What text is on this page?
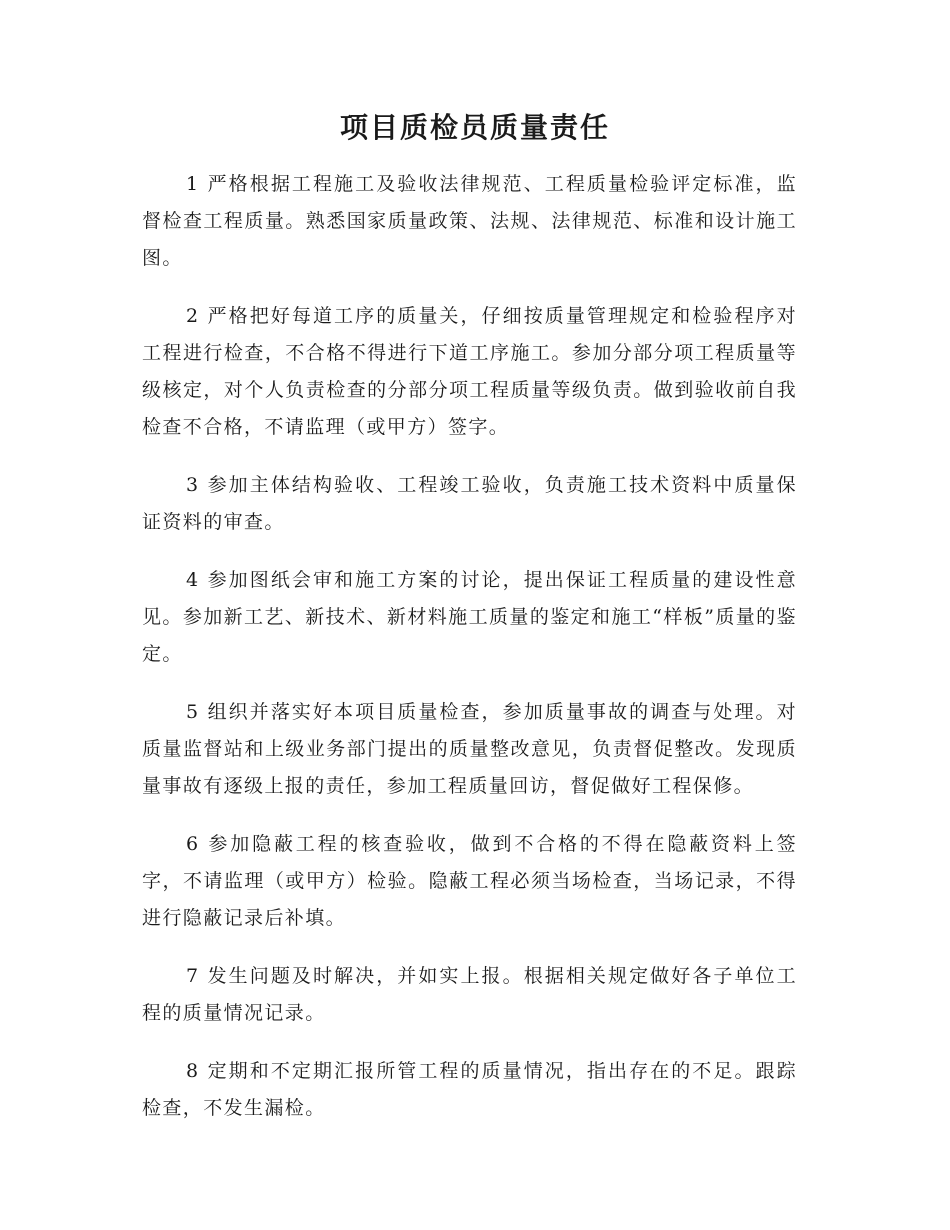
项目质检员质量责任

1 严格根据工程施工及验收法律规范、工程质量检验评定标准，监督检查工程质量。熟悉国家质量政策、法规、法律规范、标准和设计施工图。

2 严格把好每道工序的质量关，仔细按质量管理规定和检验程序对工程进行检查，不合格不得进行下道工序施工。参加分部分项工程质量等级核定，对个人负责检查的分部分项工程质量等级负责。做到验收前自我检查不合格，不请监理（或甲方）签字。

3 参加主体结构验收、工程竣工验收，负责施工技术资料中质量保证资料的审查。

4 参加图纸会审和施工方案的讨论，提出保证工程质量的建设性意见。参加新工艺、新技术、新材料施工质量的鉴定和施工“样板”质量的鉴定。

5 组织并落实好本项目质量检查，参加质量事故的调查与处理。对质量监督站和上级业务部门提出的质量整改意见，负责督促整改。发现质量事故有逐级上报的责任，参加工程质量回访，督促做好工程保修。

6 参加隐蔽工程的核查验收，做到不合格的不得在隐蔽资料上签字，不请监理（或甲方）检验。隐蔽工程必须当场检查，当场记录，不得进行隐蔽记录后补填。

7 发生问题及时解决，并如实上报。根据相关规定做好各子单位工程的质量情况记录。

8 定期和不定期汇报所管工程的质量情况，指出存在的不足。跟踪检查，不发生漏检。
